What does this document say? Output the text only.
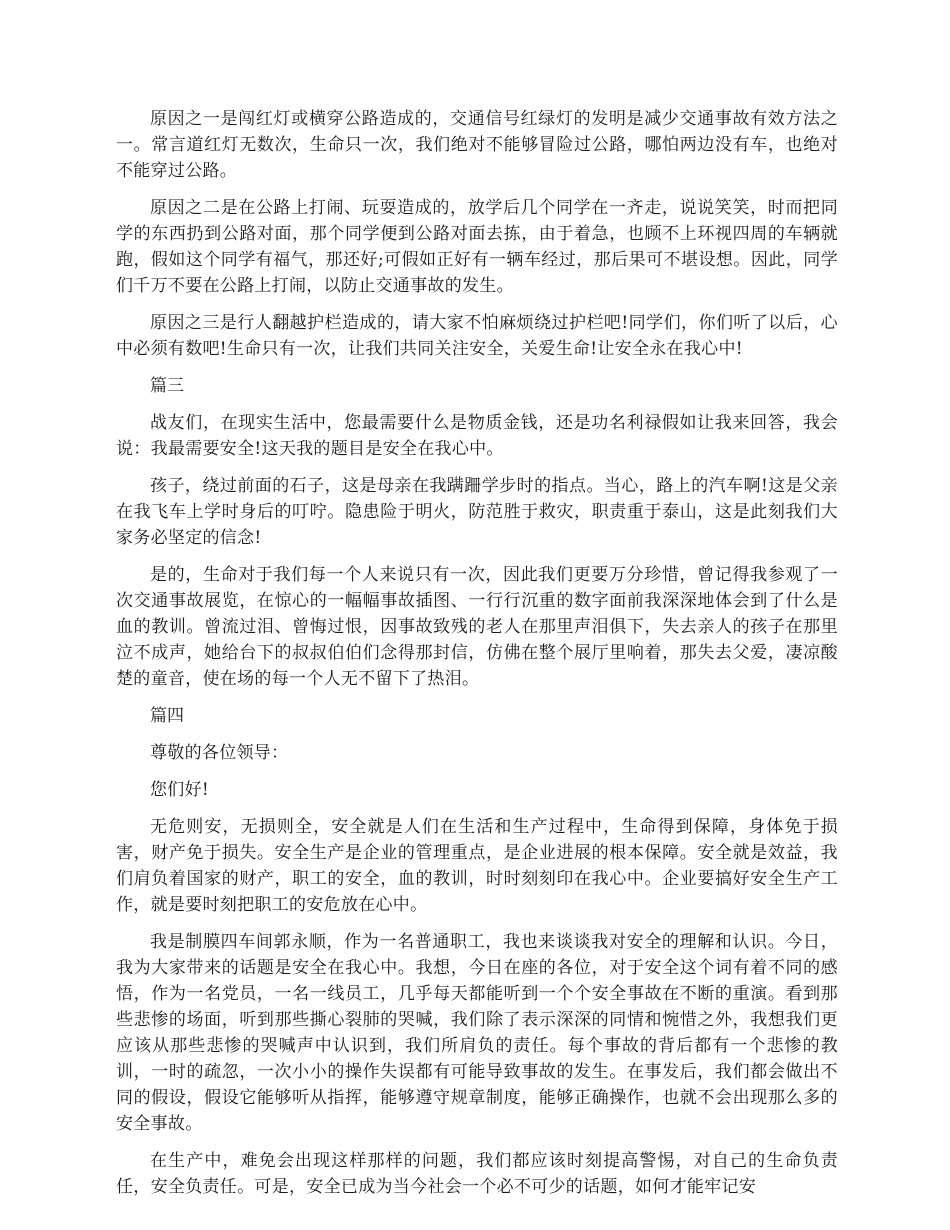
原因之一是闯红灯或横穿公路造成的，交通信号红绿灯的发明是减少交通事故有效方法之一。常言道红灯无数次，生命只一次，我们绝对不能够冒险过公路，哪怕两边没有车，也绝对不能穿过公路。

原因之二是在公路上打闹、玩耍造成的，放学后几个同学在一齐走，说说笑笑，时而把同学的东西扔到公路对面，那个同学便到公路对面去拣，由于着急，也顾不上环视四周的车辆就跑，假如这个同学有福气，那还好;可假如正好有一辆车经过，那后果可不堪设想。因此，同学们千万不要在公路上打闹，以防止交通事故的发生。

原因之三是行人翻越护栏造成的，请大家不怕麻烦绕过护栏吧!同学们，你们听了以后，心中必须有数吧!生命只有一次，让我们共同关注安全，关爱生命!让安全永在我心中!

篇三

战友们，在现实生活中，您最需要什么是物质金钱，还是功名利禄假如让我来回答，我会说：我最需要安全!这天我的题目是安全在我心中。

孩子，绕过前面的石子，这是母亲在我蹒跚学步时的指点。当心，路上的汽车啊!这是父亲在我飞车上学时身后的叮咛。隐患险于明火，防范胜于救灾，职责重于泰山，这是此刻我们大家务必坚定的信念!

是的，生命对于我们每一个人来说只有一次，因此我们更要万分珍惜，曾记得我参观了一次交通事故展览，在惊心的一幅幅事故插图、一行行沉重的数字面前我深深地体会到了什么是血的教训。曾流过泪、曾悔过恨，因事故致残的老人在那里声泪俱下，失去亲人的孩子在那里泣不成声，她给台下的叔叔伯伯们念得那封信，仿佛在整个展厅里响着，那失去父爱，凄凉酸楚的童音，使在场的每一个人无不留下了热泪。

篇四

尊敬的各位领导：

您们好!

无危则安，无损则全，安全就是人们在生活和生产过程中，生命得到保障，身体免于损害，财产免于损失。安全生产是企业的管理重点，是企业进展的根本保障。安全就是效益，我们肩负着国家的财产，职工的安全，血的教训，时时刻刻印在我心中。企业要搞好安全生产工作，就是要时刻把职工的安危放在心中。

我是制膜四车间郭永顺，作为一名普通职工，我也来谈谈我对安全的理解和认识。今日，我为大家带来的话题是安全在我心中。我想，今日在座的各位，对于安全这个词有着不同的感悟，作为一名党员，一名一线员工，几乎每天都能听到一个个安全事故在不断的重演。看到那些悲惨的场面，听到那些撕心裂肺的哭喊，我们除了表示深深的同情和惋惜之外，我想我们更应该从那些悲惨的哭喊声中认识到，我们所肩负的责任。每个事故的背后都有一个悲惨的教训，一时的疏忽，一次小小的操作失误都有可能导致事故的发生。在事发后，我们都会做出不同的假设，假设它能够听从指挥，能够遵守规章制度，能够正确操作，也就不会出现那么多的安全事故。

在生产中，难免会出现这样那样的问题，我们都应该时刻提高警惕，对自己的生命负责任，安全负责任。可是，安全已成为当今社会一个必不可少的话题，如何才能牢记安
